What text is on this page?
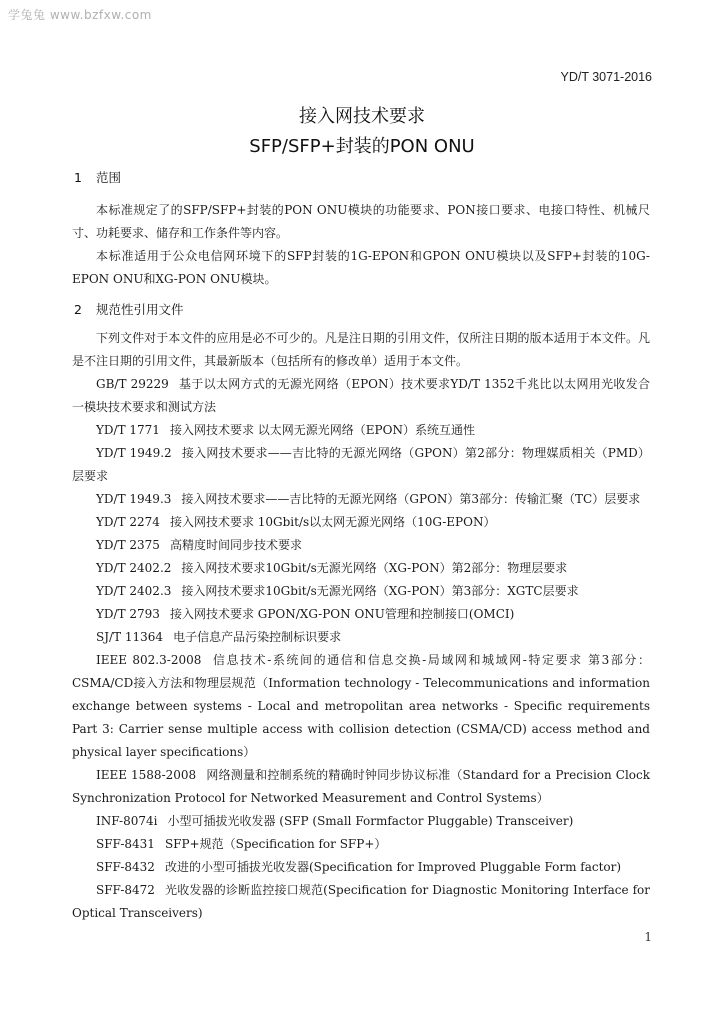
学兔兔 www.bzfxw.com
YD/T 3071-2016
接入网技术要求
SFP/SFP+封装的PON ONU
1 范围

本标准规定了的SFP/SFP+封装的PON ONU模块的功能要求、PON接口要求、电接口特性、机械尺寸、功耗要求、储存和工作条件等内容。

本标准适用于公众电信网环境下的SFP封装的1G-EPON和GPON ONU模块以及SFP+封装的10G-EPON ONU和XG-PON ONU模块。

2 规范性引用文件

下列文件对于本文件的应用是必不可少的。凡是注日期的引用文件，仅所注日期的版本适用于本文件。凡是不注日期的引用文件，其最新版本（包括所有的修改单）适用于本文件。

GB/T 29229 基于以太网方式的无源光网络（EPON）技术要求YD/T 1352千兆比以太网用光收发合一模块技术要求和测试方法

YD/T 1771 接入网技术要求 以太网无源光网络（EPON）系统互通性

YD/T 1949.2 接入网技术要求——吉比特的无源光网络（GPON）第2部分：物理媒质相关（PMD）层要求

YD/T 1949.3 接入网技术要求——吉比特的无源光网络（GPON）第3部分：传输汇聚（TC）层要求

YD/T 2274 接入网技术要求 10Gbit/s以太网无源光网络（10G-EPON）

YD/T 2375 高精度时间同步技术要求

YD/T 2402.2 接入网技术要求10Gbit/s无源光网络（XG-PON）第2部分：物理层要求

YD/T 2402.3 接入网技术要求10Gbit/s无源光网络（XG-PON）第3部分：XGTC层要求

YD/T 2793 接入网技术要求 GPON/XG-PON ONU管理和控制接口(OMCI)

SJ/T 11364 电子信息产品污染控制标识要求

IEEE 802.3-2008 信息技术-系统间的通信和信息交换-局域网和城域网-特定要求 第3部分：CSMA/CD接入方法和物理层规范（Information technology - Telecommunications and information exchange between systems - Local and metropolitan area networks - Specific requirements Part 3: Carrier sense multiple access with collision detection (CSMA/CD) access method and physical layer specifications）

IEEE 1588-2008 网络测量和控制系统的精确时钟同步协议标准（Standard for a Precision Clock Synchronization Protocol for Networked Measurement and Control Systems）

INF-8074i 小型可插拔光收发器 (SFP (Small Formfactor Pluggable) Transceiver)

SFF-8431 SFP+规范（Specification for SFP+）

SFF-8432 改进的小型可插拔光收发器(Specification for Improved Pluggable Form factor)

SFF-8472 光收发器的诊断监控接口规范(Specification for Diagnostic Monitoring Interface for Optical Transceivers)

1
